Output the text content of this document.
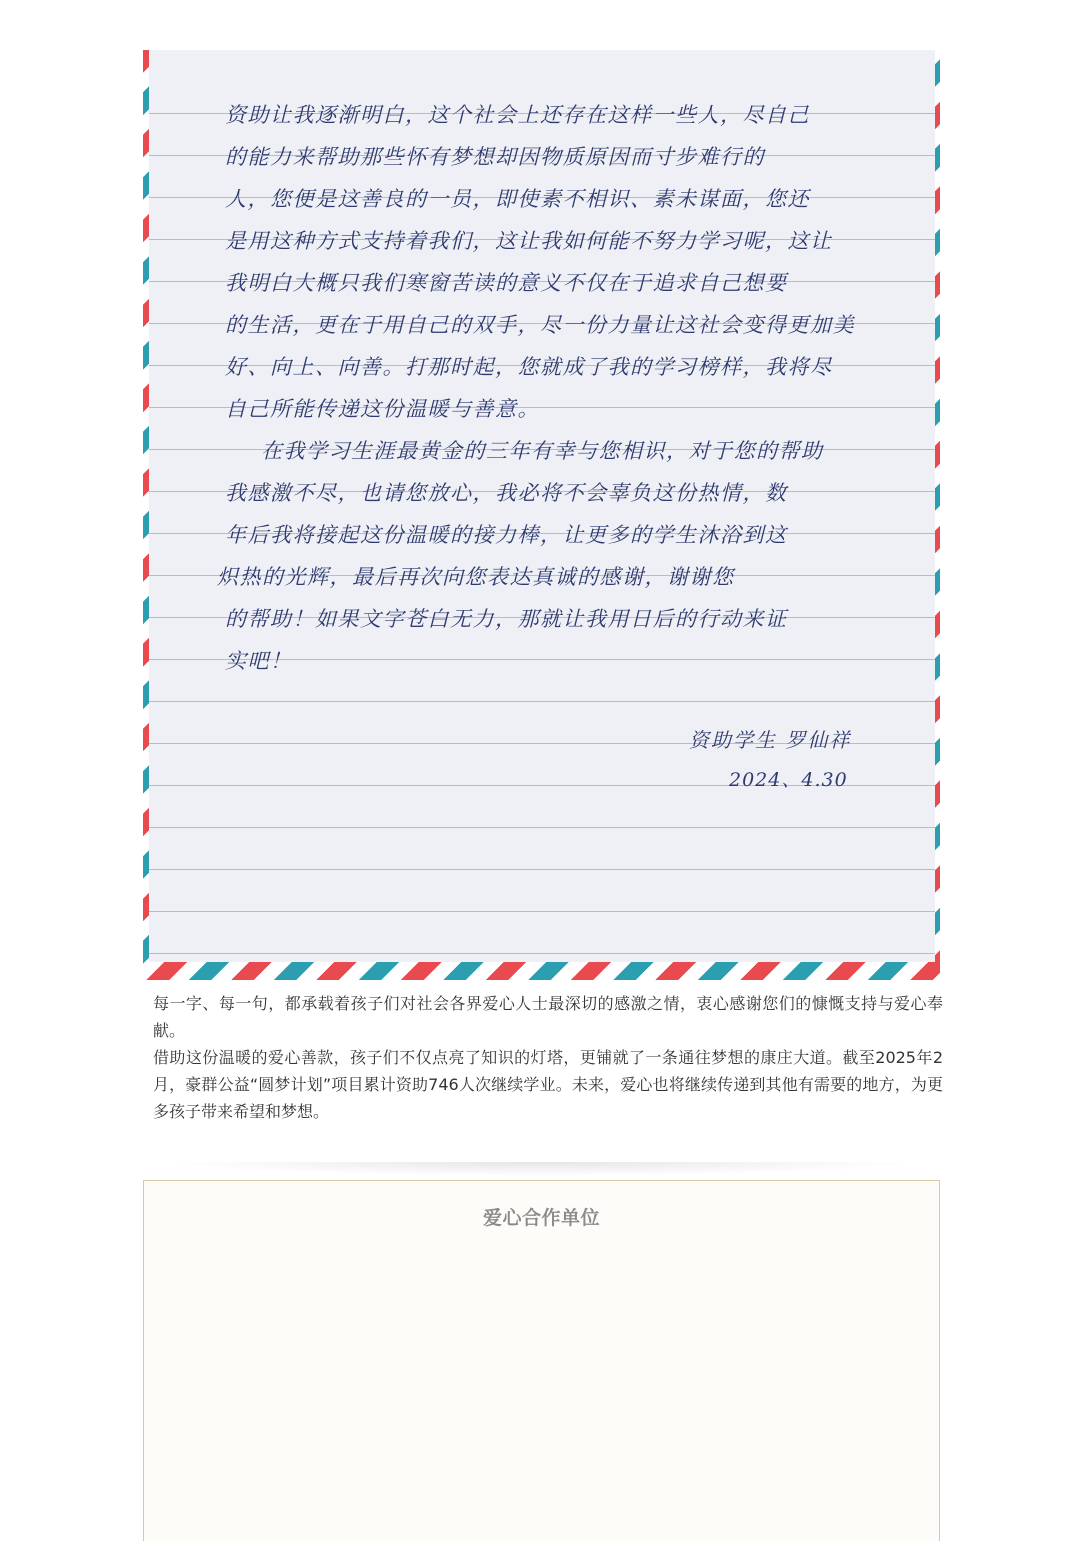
资助让我逐渐明白，这个社会上还存在这样一些人，尽自己
的能力来帮助那些怀有梦想却因物质原因而寸步难行的
人，您便是这善良的一员，即使素不相识、素未谋面，您还
是用这种方式支持着我们，这让我如何能不努力学习呢，这让
我明白大概只我们寒窗苦读的意义不仅在于追求自己想要
的生活，更在于用自己的双手，尽一份力量让这社会变得更加美
好、向上、向善。打那时起，您就成了我的学习榜样，我将尽
自己所能传递这份温暖与善意。
在我学习生涯最黄金的三年有幸与您相识，对于您的帮助
我感激不尽，也请您放心，我必将不会辜负这份热情，数
年后我将接起这份温暖的接力棒，让更多的学生沐浴到这
炽热的光辉，最后再次向您表达真诚的感谢，谢谢您
的帮助！如果文字苍白无力，那就让我用日后的行动来证
实吧！
资助学生 罗仙祥
2024、4.30

每一字、每一句，都承载着孩子们对社会各界爱心人士最深切的感激之情，衷心感谢您们的慷慨支持与爱心奉献。

借助这份温暖的爱心善款，孩子们不仅点亮了知识的灯塔，更铺就了一条通往梦想的康庄大道。截至2025年2月，豪群公益“圆梦计划”项目累计资助746人次继续学业。未来，爱心也将继续传递到其他有需要的地方，为更多孩子带来希望和梦想。

爱心合作单位
